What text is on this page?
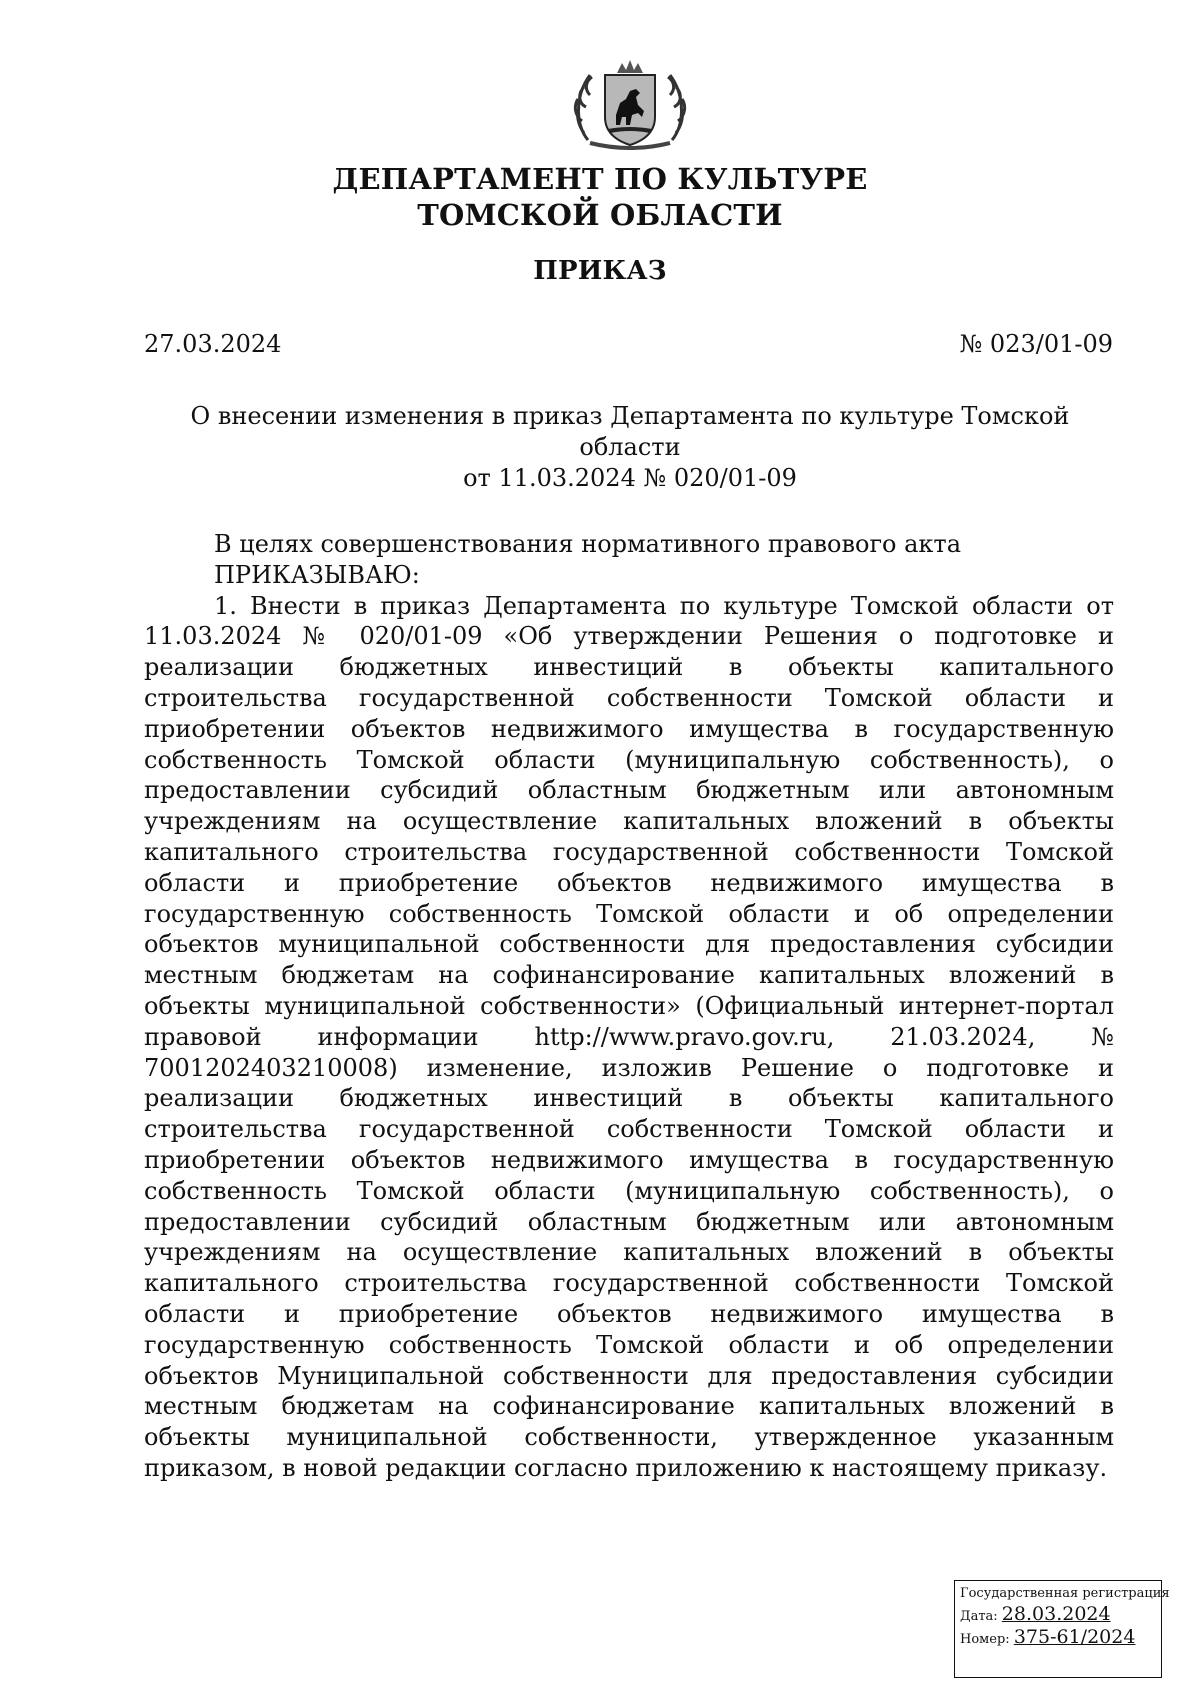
ДЕПАРТАМЕНТ ПО КУЛЬТУРЕ
ТОМСКОЙ ОБЛАСТИ
ПРИКАЗ
27.03.2024	№ 023/01-09
О внесении изменения в приказ Департамента по культуре Томской области
от 11.03.2024 № 020/01-09

В целях совершенствования нормативного правового акта

ПРИКАЗЫВАЮ:

1. Внести в приказ Департамента по культуре Томской области от 11.03.2024 № 020/01-09 «Об утверждении Решения о подготовке и реализации бюджетных инвестиций в объекты капитального строительства государственной собственности Томской области и приобретении объектов недвижимого имущества в государственную собственность Томской области (муниципальную собственность), о предоставлении субсидий областным бюджетным или автономным учреждениям на осуществление капитальных вложений в объекты капитального строительства государственной собственности Томской области и приобретение объектов недвижимого имущества в государственную собственность Томской области и об определении объектов муниципальной собственности для предоставления субсидии местным бюджетам на софинансирование капитальных вложений в объекты муниципальной собственности» (Официальный интернет-портал правовой информации http://www.pravo.gov.ru, 21.03.2024, № 7001202403210008) изменение, изложив Решение о подготовке и реализации бюджетных инвестиций в объекты капитального строительства государственной собственности Томской области и приобретении объектов недвижимого имущества в государственную собственность Томской области (муниципальную собственность), о предоставлении субсидий областным бюджетным или автономным учреждениям на осуществление капитальных вложений в объекты капитального строительства государственной собственности Томской области и приобретение объектов недвижимого имущества в государственную собственность Томской области и об определении объектов Муниципальной собственности для предоставления субсидии местным бюджетам на софинансирование капитальных вложений в объекты муниципальной собственности, утвержденное указанным приказом, в новой редакции согласно приложению к настоящему приказу.

Государственная регистрация
Дата: 28.03.2024
Номер: 375-61/2024
